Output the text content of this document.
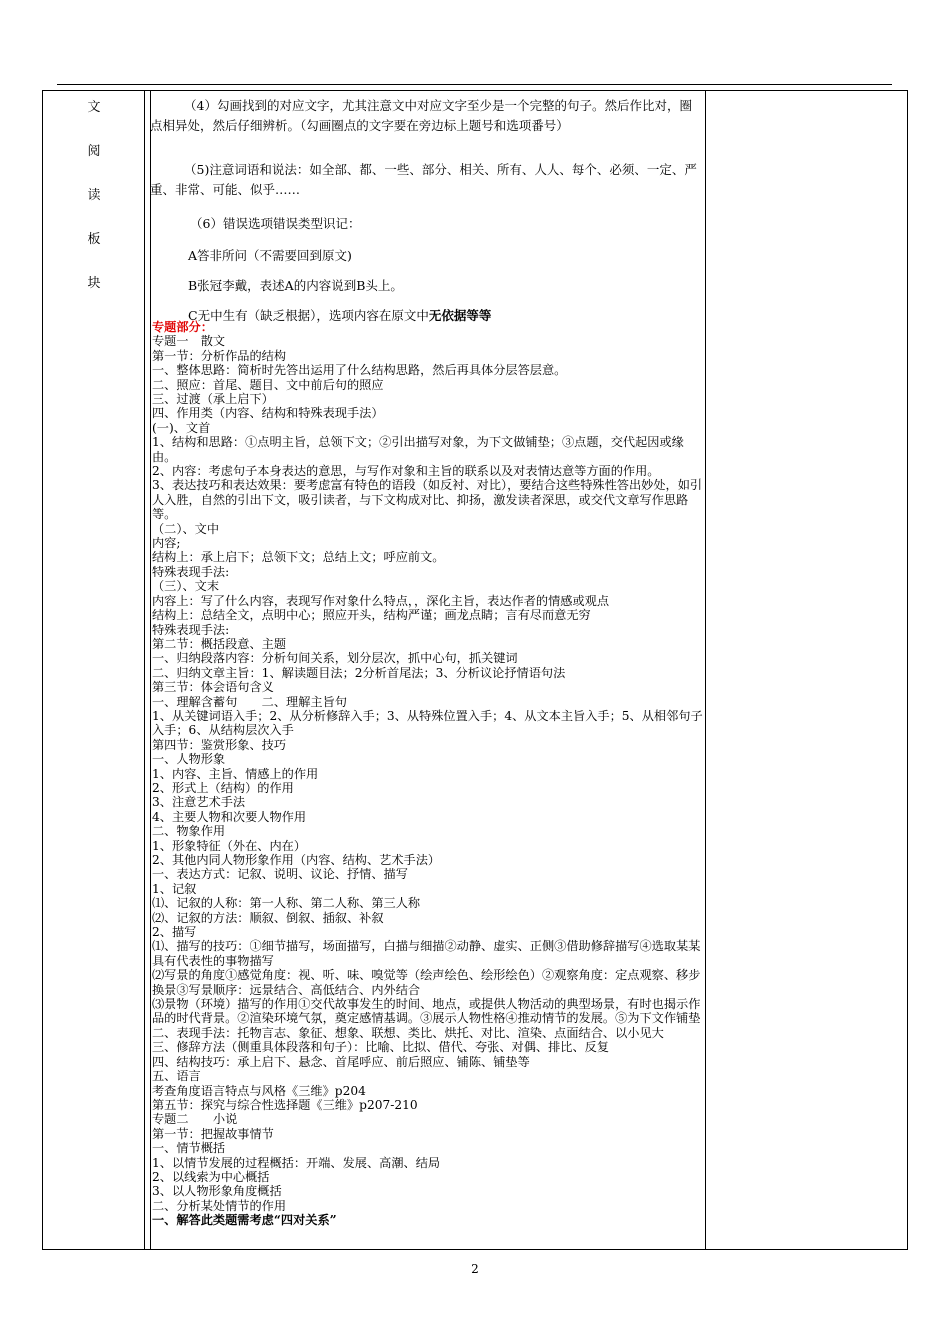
文
阅
读
板
块

（4）勾画找到的对应文字，尤其注意文中对应文字至少是一个完整的句子。然后作比对，圈点相异处，然后仔细辨析。（勾画圈点的文字要在旁边标上题号和选项番号）

（5)注意词语和说法：如全部、都、一些、部分、相关、所有、人人、每个、必须、一定、严重、非常、可能、似乎……

（6）错误选项错误类型识记：

A答非所问（不需要回到原文)

B张冠李戴，表述A的内容说到B头上。

C无中生有（缺乏根据），选项内容在原文中无依据等等

专题部分：
专题一　散文
第一节：分析作品的结构
一、整体思路：简析时先答出运用了什么结构思路，然后再具体分层答层意。
二、照应：首尾、题目、文中前后句的照应
三、过渡（承上启下）
四、作用类（内容、结构和特殊表现手法）
(一)、文首
1、结构和思路：①点明主旨，总领下文；②引出描写对象，为下文做铺垫；③点题，交代起因或缘由。
2、内容：考虑句子本身表达的意思，与写作对象和主旨的联系以及对表情达意等方面的作用。
3、表达技巧和表达效果：要考虑富有特色的语段（如反衬、对比），要结合这些特殊性答出妙处，如引人入胜，自然的引出下文，吸引读者，与下文构成对比、抑扬，激发读者深思，或交代文章写作思路等。
（二）、文中
内容;
结构上：承上启下；总领下文；总结上文；呼应前文。
特殊表现手法:
（三）、文末
内容上：写了什么内容，表现写作对象什么特点，，深化主旨，表达作者的情感或观点
结构上：总结全文，点明中心；照应开头，结构严谨；画龙点睛；言有尽而意无穷
特殊表现手法:
第二节：概括段意、主题
一、归纳段落内容：分析句间关系，划分层次，抓中心句，抓关键词
二、归纳文章主旨：1、解读题目法；2分析首尾法；3、分析议论抒情语句法
第三节：体会语句含义
一、理解含蓄句　　二、理解主旨句
1、从关键词语入手；2、从分析修辞入手；3、从特殊位置入手；4、从文本主旨入手；5、从相邻句子入手；6、从结构层次入手
第四节：鉴赏形象、技巧
一、人物形象
1、内容、主旨、情感上的作用
2、形式上（结构）的作用
3、注意艺术手法
4、主要人物和次要人物作用
二、物象作用
1、形象特征（外在、内在）
2、其他内同人物形象作用（内容、结构、艺术手法）
一、表达方式：记叙、说明、议论、抒情、描写
1、记叙
⑴、记叙的人称：第一人称、第二人称、第三人称
⑵、记叙的方法：顺叙、倒叙、插叙、补叙
2、描写
⑴、描写的技巧：①细节描写，场面描写，白描与细描②动静、虚实、正侧③借助修辞描写④选取某某具有代表性的事物描写
⑵写景的角度①感觉角度：视、听、味、嗅觉等（绘声绘色、绘形绘色）②观察角度：定点观察、移步换景③写景顺序：远景结合、高低结合、内外结合
⑶景物（环境）描写的作用①交代故事发生的时间、地点，或提供人物活动的典型场景，有时也揭示作品的时代背景。②渲染环境气氛，奠定感情基调。③展示人物性格④推动情节的发展。⑤为下文作铺垫
二、表现手法：托物言志、象征、想象、联想、类比、烘托、对比、渲染、点面结合、以小见大
三、修辞方法（侧重具体段落和句子）：比喻、比拟、借代、夸张、对偶、排比、反复
四、结构技巧：承上启下、悬念、首尾呼应、前后照应、铺陈、铺垫等
五、语言
考查角度语言特点与风格《三维》p204
第五节：探究与综合性选择题《三维》p207-210
专题二　　小说
第一节：把握故事情节
一、情节概括
1、以情节发展的过程概括：开端、发展、高潮、结局
2、以线索为中心概括
3、以人物形象角度概括
二、分析某处情节的作用
一、解答此类题需考虑“四对关系”
2
